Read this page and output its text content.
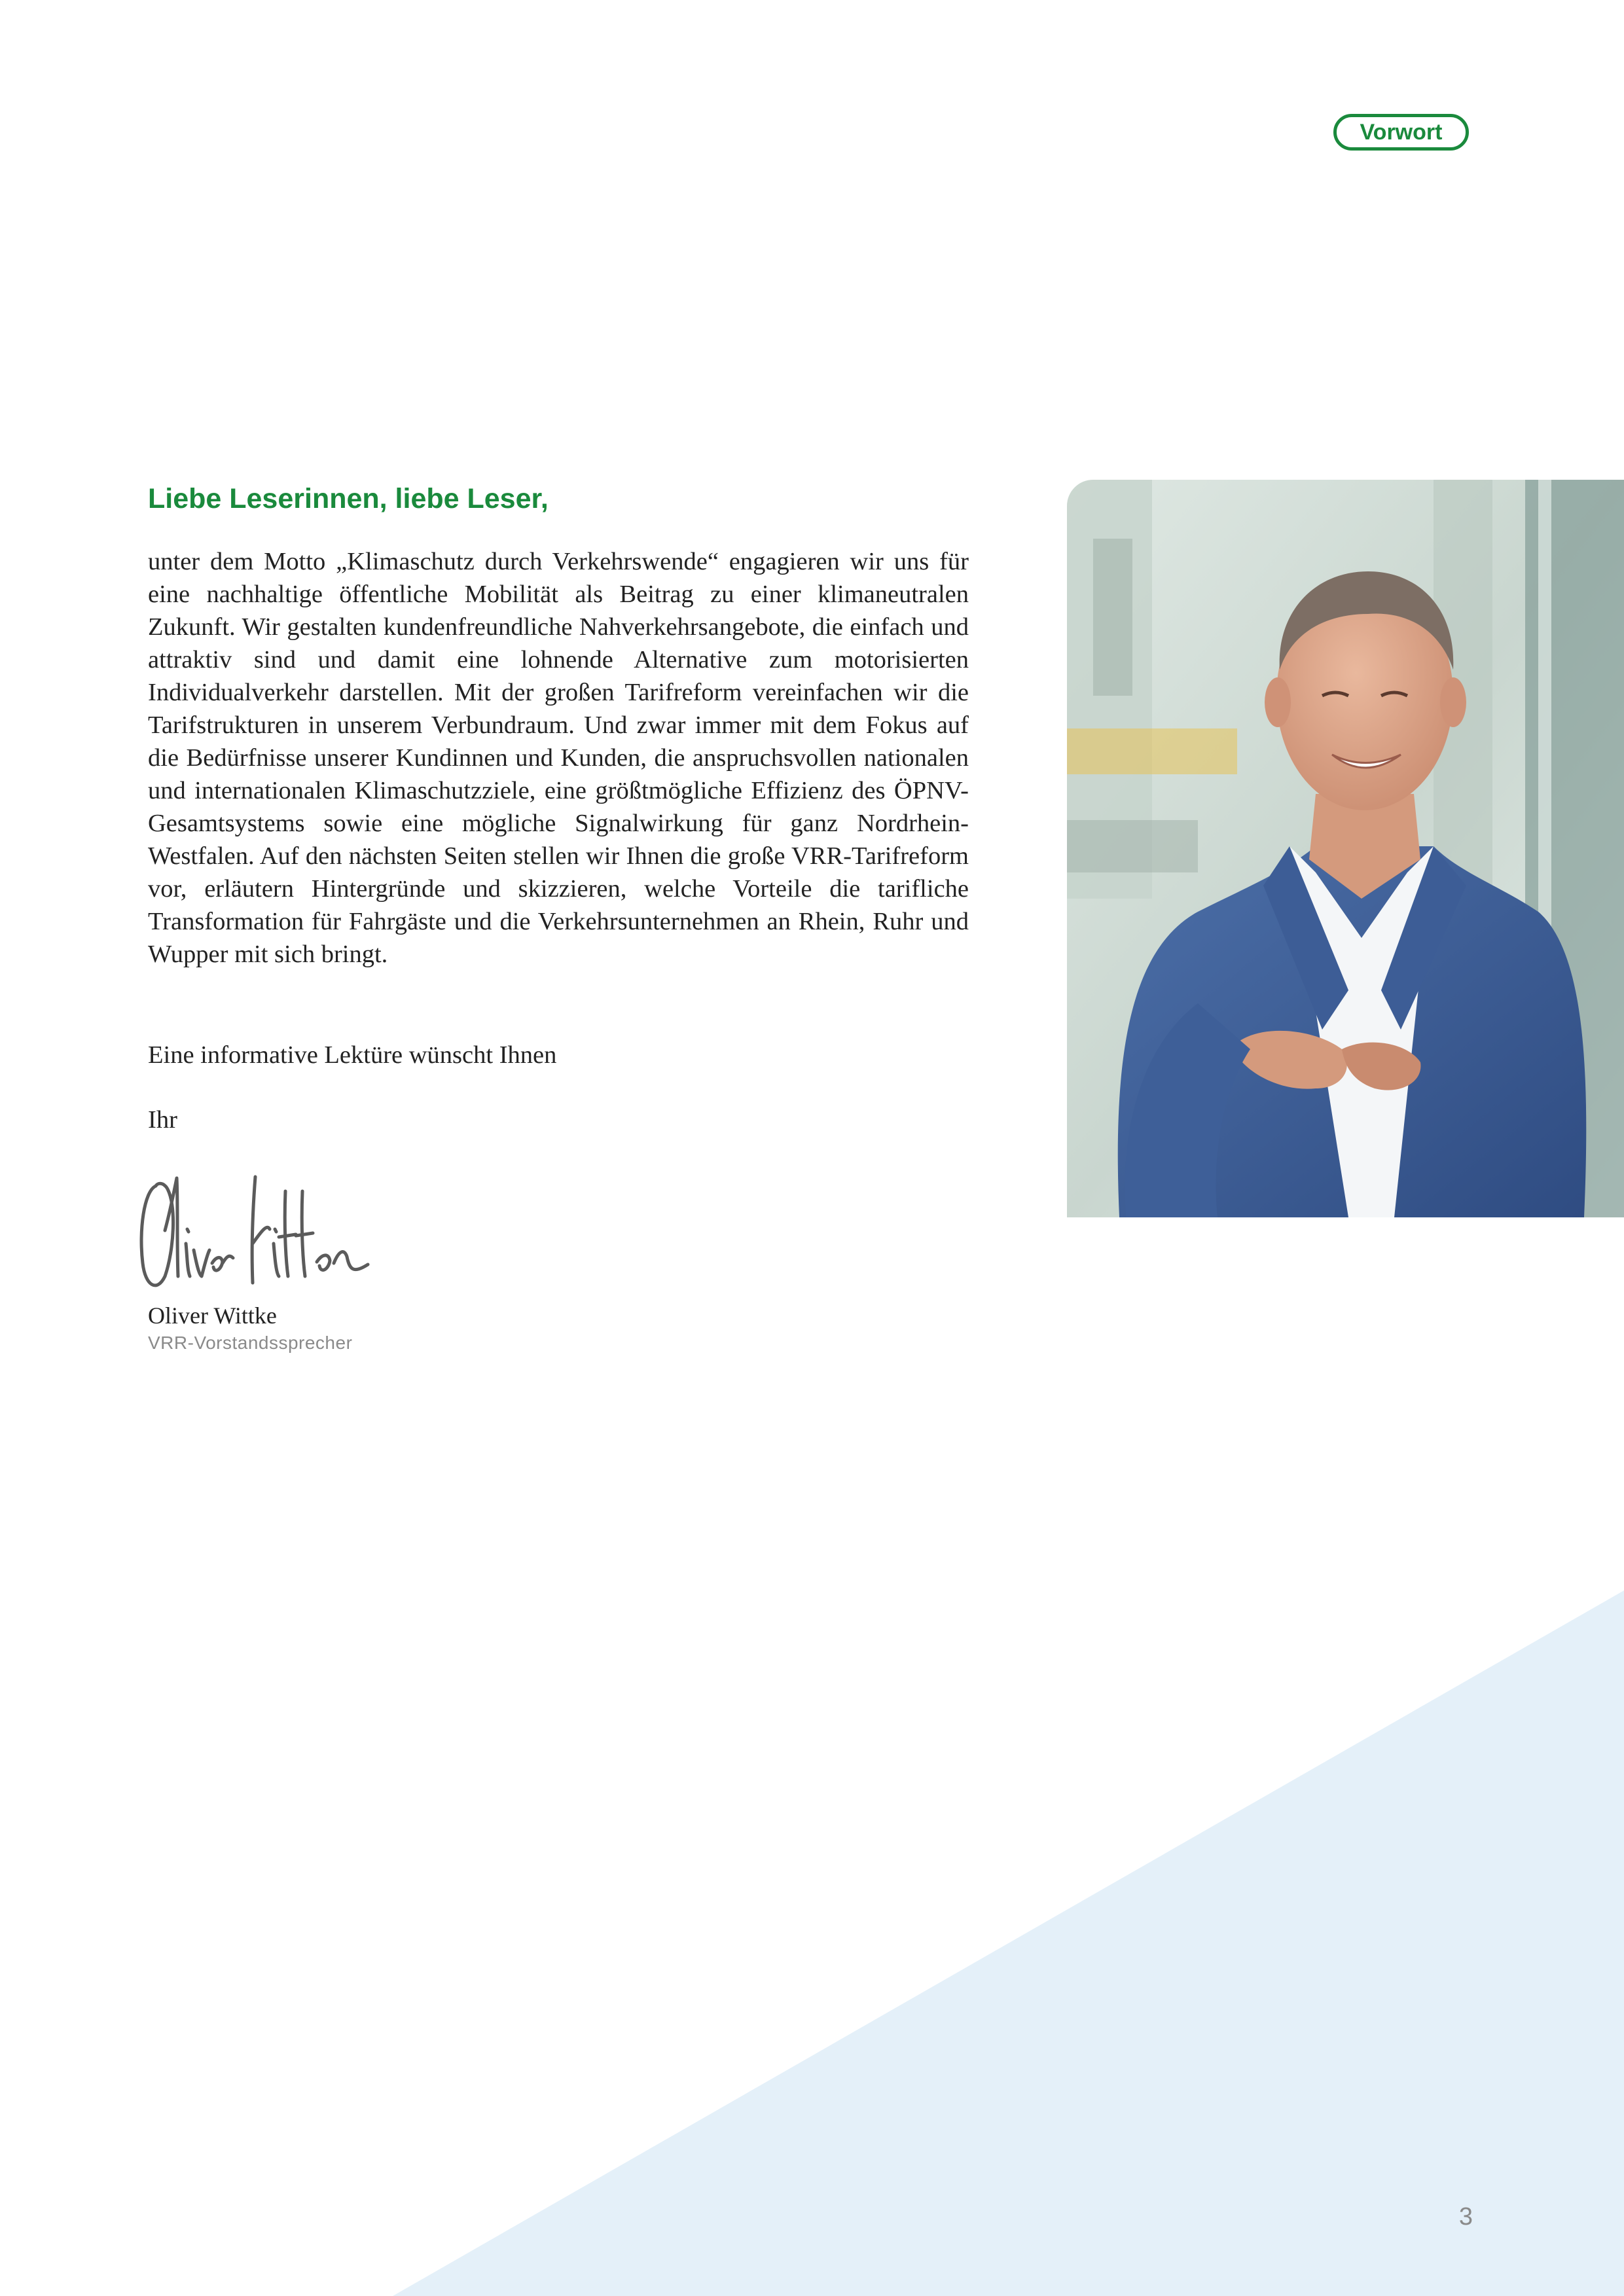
Vorwort
Liebe Leserinnen, liebe Leser,

unter dem Motto „Klimaschutz durch Verkehrswende“ engagieren wir uns für eine nachhaltige öffentliche Mobilität als Beitrag zu einer klimaneutralen Zukunft. Wir gestalten kundenfreundliche Nahverkehrsangebote, die einfach und attraktiv sind und damit eine lohnende Alternative zum motorisierten Individualverkehr darstellen. Mit der großen Tarifreform vereinfachen wir die Tarifstrukturen in unserem Verbundraum. Und zwar immer mit dem Fokus auf die Bedürfnisse unserer Kundinnen und Kunden, die anspruchsvollen nationalen und internationalen Klimaschutzziele, eine größtmögliche Effizienz des ÖPNV-Gesamtsystems sowie eine mögliche Signalwirkung für ganz Nordrhein-Westfalen. Auf den nächsten Seiten stellen wir Ihnen die große VRR-Tarifreform vor, erläutern Hintergründe und skizzieren, welche Vorteile die tarifliche Transformation für Fahrgäste und die Verkehrsunternehmen an Rhein, Ruhr und Wupper mit sich bringt.

Eine informative Lektüre wünscht Ihnen

Ihr

Oliver Wittke
VRR-Vorstandssprecher
3
